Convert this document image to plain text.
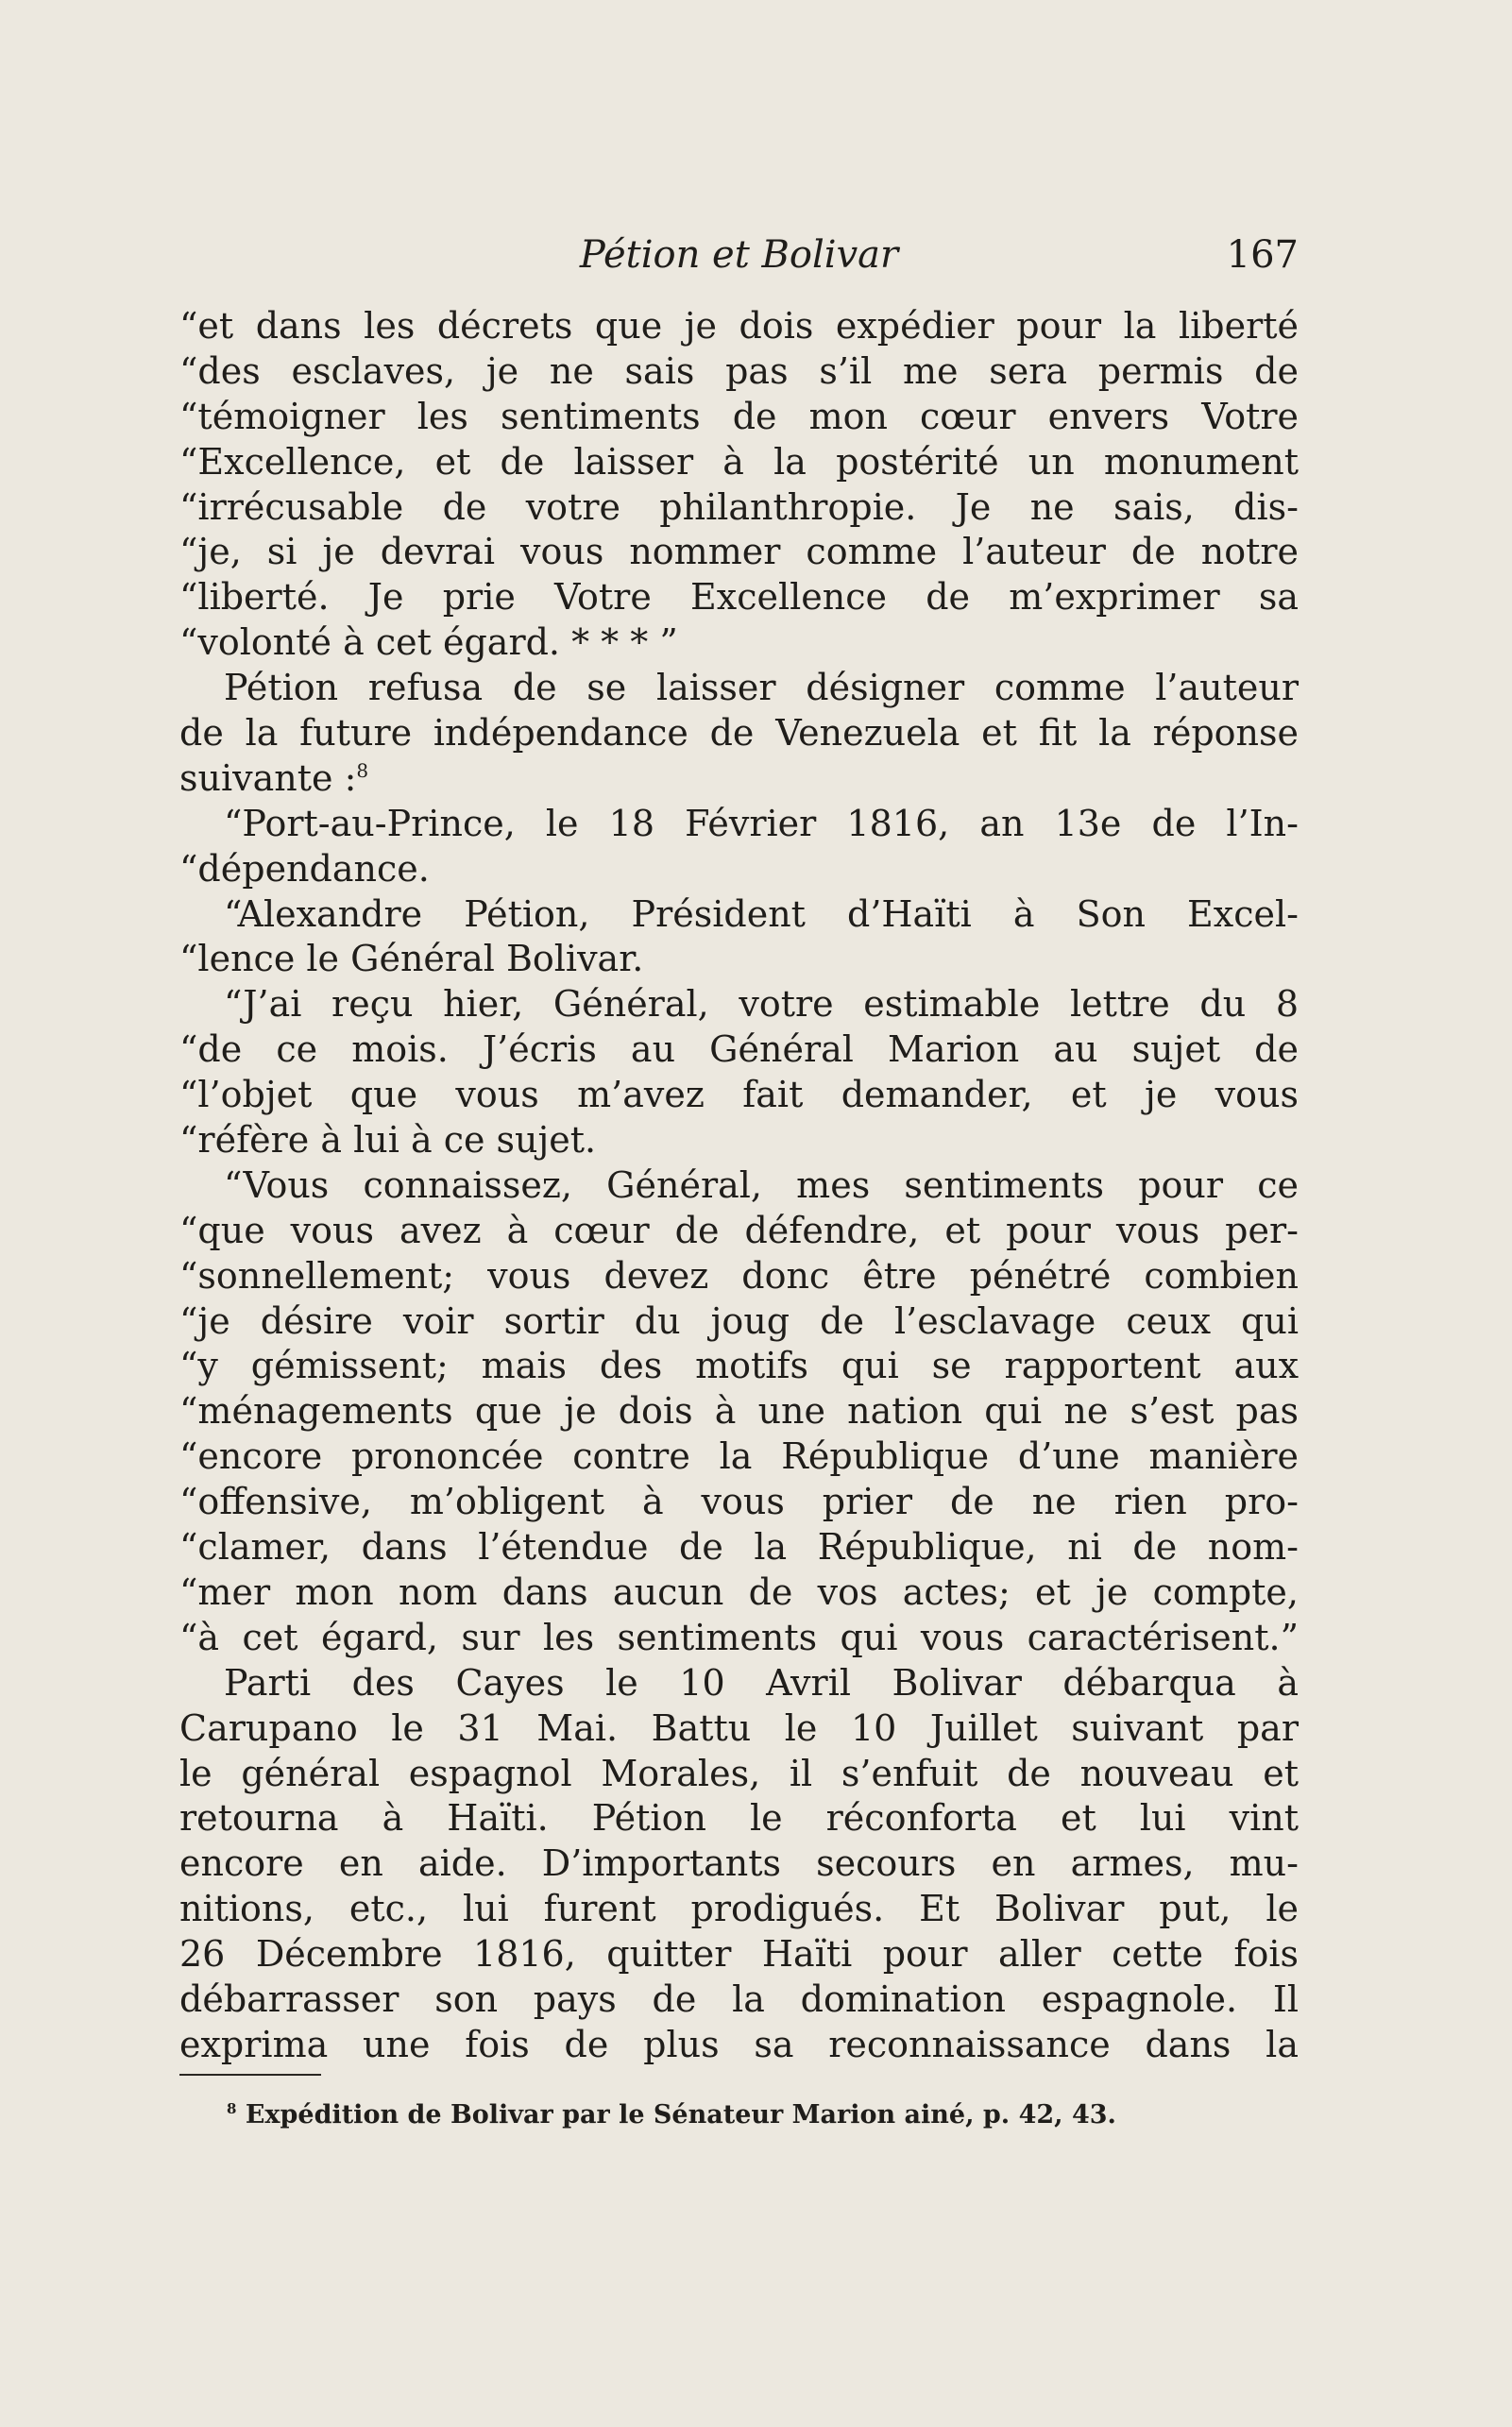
Pétion et Bolivar	167
“et dans les décrets que je dois expédier pour la liberté
“des esclaves, je ne sais pas s’il me sera permis de
“témoigner les sentiments de mon cœur envers Votre
“Excellence, et de laisser à la postérité un monument
“irrécusable de votre philanthropie. Je ne sais, dis-
“je, si je devrai vous nommer comme l’auteur de notre
“liberté. Je prie Votre Excellence de m’exprimer sa
“volonté à cet égard. * * * ”
Pétion refusa de se laisser désigner comme l’auteur
de la future indépendance de Venezuela et fit la réponse
suivante :$^8$
“Port-au-Prince, le 18 Février 1816, an 13e de l’In-
“dépendance.
“Alexandre Pétion, Président d’Haïti à Son Excel-
“lence le Général Bolivar.
“J’ai reçu hier, Général, votre estimable lettre du 8
“de ce mois. J’écris au Général Marion au sujet de
“l’objet que vous m’avez fait demander, et je vous
“réfère à lui à ce sujet.
“Vous connaissez, Général, mes sentiments pour ce
“que vous avez à cœur de défendre, et pour vous per-
“sonnellement; vous devez donc être pénétré combien
“je désire voir sortir du joug de l’esclavage ceux qui
“y gémissent; mais des motifs qui se rapportent aux
“ménagements que je dois à une nation qui ne s’est pas
“encore prononcée contre la République d’une manière
“offensive, m’obligent à vous prier de ne rien pro-
“clamer, dans l’étendue de la République, ni de nom-
“mer mon nom dans aucun de vos actes; et je compte,
“à cet égard, sur les sentiments qui vous caractérisent.”
Parti des Cayes le 10 Avril Bolivar débarqua à
Carupano le 31 Mai. Battu le 10 Juillet suivant par
le général espagnol Morales, il s’enfuit de nouveau et
retourna à Haïti. Pétion le réconforta et lui vint
encore en aide. D’importants secours en armes, mu-
nitions, etc., lui furent prodigués. Et Bolivar put, le
26 Décembre 1816, quitter Haïti pour aller cette fois
débarrasser son pays de la domination espagnole. Il
exprima une fois de plus sa reconnaissance dans la
$^8$ Expédition de Bolivar par le Sénateur Marion ainé, p. 42, 43.
